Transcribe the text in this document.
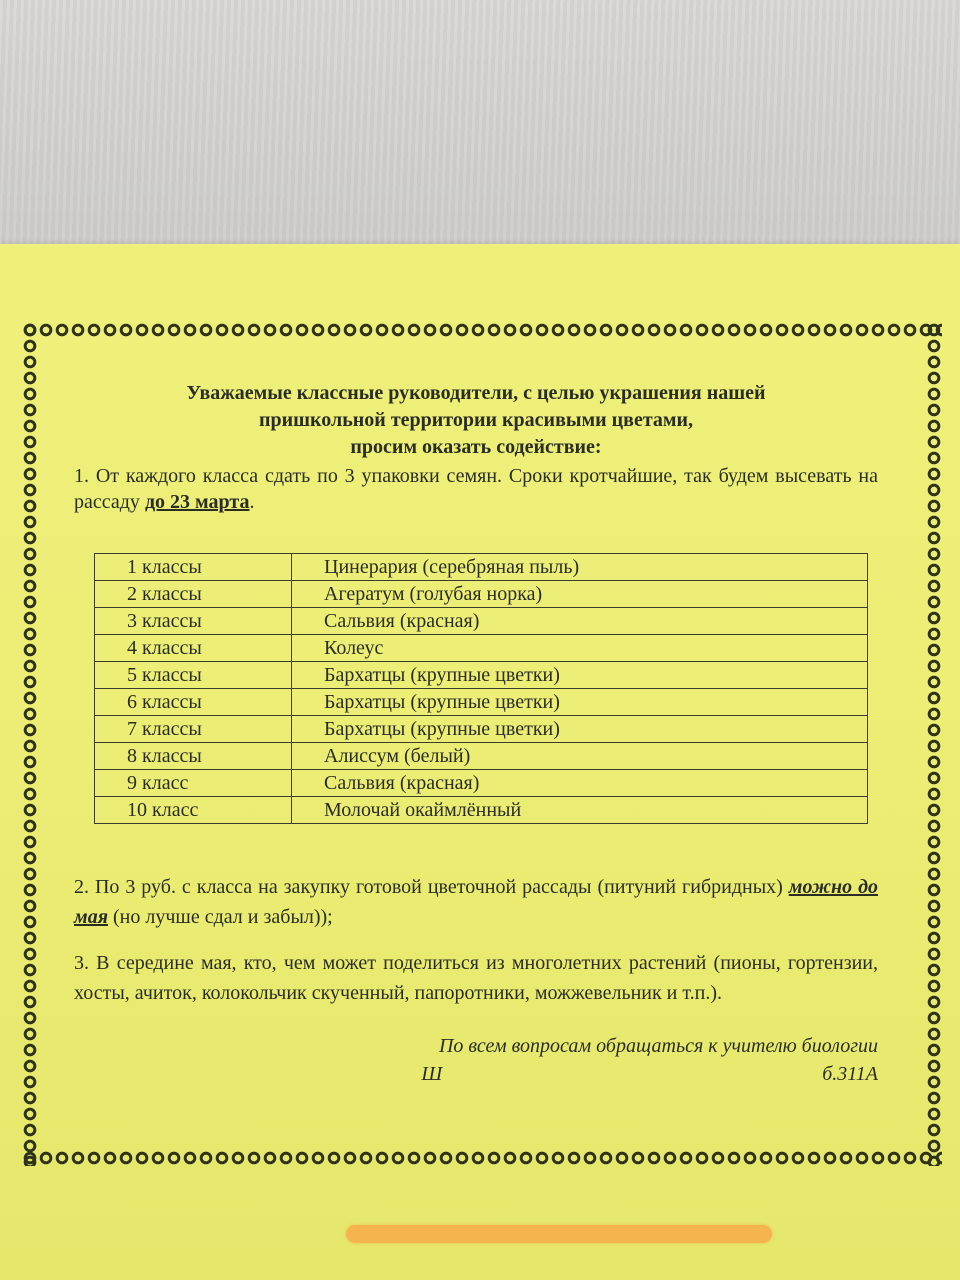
Уважаемые классные руководители, с целью украшения нашей
пришкольной территории красивыми цветами,
просим оказать содействие:

1. От каждого класса сдать по 3 упаковки семян. Сроки кротчайшие, так будем высевать на рассаду до 23 марта.

1 классы	Цинерария (серебряная пыль)
2 классы	Агератум (голубая норка)
3 классы	Сальвия (красная)
4 классы	Колеус
5 классы	Бархатцы (крупные цветки)
6 классы	Бархатцы (крупные цветки)
7 классы	Бархатцы (крупные цветки)
8 классы	Алиссум (белый)
9 класс	Сальвия (красная)
10 класс	Молочай окаймлённый

2. По 3 руб. с класса на закупку готовой цветочной рассады (питуний гибридных) можно до мая (но лучше сдал и забыл));

3. В середине мая, кто, чем может поделиться из многолетних растений (пионы, гортензии, хосты, ачиток, колокольчик скученный, папоротники, можжевельник и т.п.).

По всем вопросам обращаться к учителю биологии
Ш	б.311А
